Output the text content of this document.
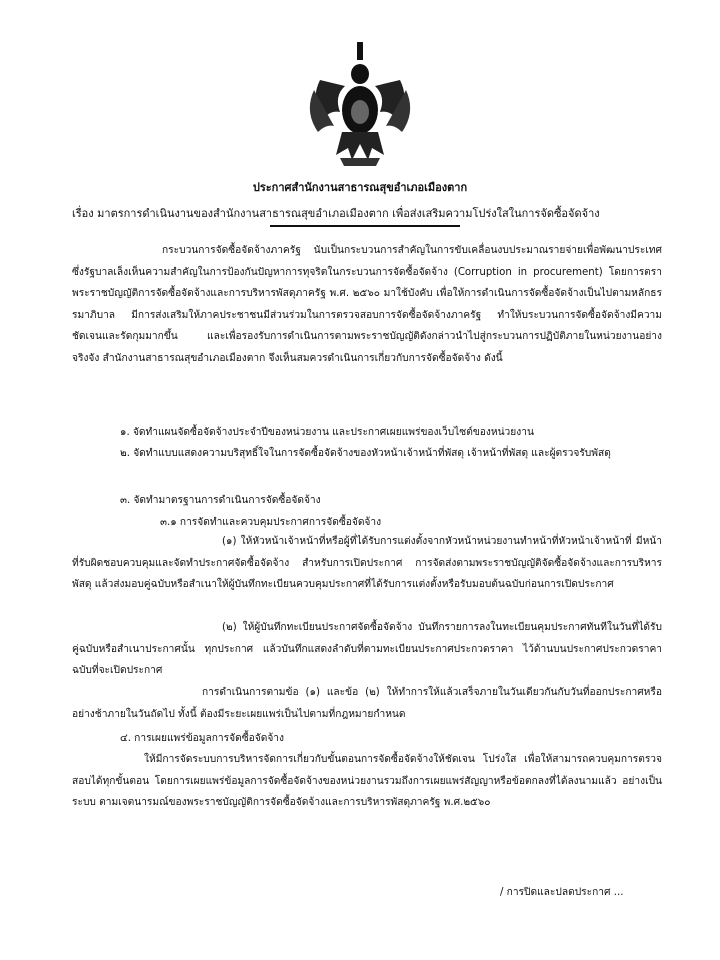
ประกาศสำนักงานสาธารณสุขอำเภอเมืองตาก
เรื่อง มาตรการดำเนินงานของสำนักงานสาธารณสุขอำเภอเมืองตาก เพื่อส่งเสริมความโปร่งใสในการจัดซื้อจัดจ้าง
กระบวนการจัดซื้อจัดจ้างภาครัฐ นับเป็นกระบวนการสำคัญในการขับเคลื่อนงบประมาณรายจ่ายเพื่อพัฒนาประเทศ ซึ่งรัฐบาลเล็งเห็นความสำคัญในการป้องกันปัญหาการทุจริตในกระบวนการจัดซื้อจัดจ้าง (Corruption in procurement) โดยการตราพระราชบัญญัติการจัดซื้อจัดจ้างและการบริหารพัสดุภาครัฐ พ.ศ. ๒๕๖๐ มาใช้บังคับ เพื่อให้การดำเนินการจัดซื้อจัดจ้างเป็นไปตามหลักธรรมาภิบาล มีการส่งเสริมให้ภาคประชาชนมีส่วนร่วมในการตรวจสอบการจัดซื้อจัดจ้างภาครัฐ ทำให้บระบวนการจัดซื้อจัดจ้างมีความชัดเจนและรัดกุมมากขึ้น และเพื่อรองรับการดำเนินการตามพระราชบัญญัติดังกล่าวนำไปสู่กระบวนการปฏิบัติภายในหน่วยงานอย่างจริงจัง สำนักงานสาธารณสุขอำเภอเมืองตาก จึงเห็นสมควรดำเนินการเกี่ยวกับการจัดซื้อจัดจ้าง ดังนี้
๑. จัดทำแผนจัดซื้อจัดจ้างประจำปีของหน่วยงาน และประกาศเผยแพร่ของเว็บไซต์ของหน่วยงาน
๒. จัดทำแบบแสดงความบริสุทธิ์ใจในการจัดซื้อจัดจ้างของหัวหน้าเจ้าหน้าที่พัสดุ เจ้าหน้าที่พัสดุ และผู้ตรวจรับพัสดุ
๓. จัดทำมาตรฐานการดำเนินการจัดซื้อจัดจ้าง
๓.๑ การจัดทำและควบคุมประกาศการจัดซื้อจัดจ้าง
(๑) ให้หัวหน้าเจ้าหน้าที่หรือผู้ที่ได้รับการแต่งตั้งจากหัวหน้าหน่วยงานทำหน้าที่หัวหน้าเจ้าหน้าที่ มีหน้าที่รับผิดชอบควบคุมและจัดทำประกาศจัดซื้อจัดจ้าง สำหรับการเปิดประกาศ การจัดส่งตามพระราชบัญญัติจัดซื้อจัดจ้างและการบริหารพัสดุ แล้วส่งมอบคู่ฉบับหรือสำเนาให้ผู้บันทึกทะเบียนควบคุมประกาศที่ได้รับการแต่งตั้งหรือรับมอบต้นฉบับก่อนการเปิดประกาศ
(๒) ให้ผู้บันทึกทะเบียนประกาศจัดซื้อจัดจ้าง บันทึกรายการลงในทะเบียนคุมประกาศทันทีในวันที่ได้รับคู่ฉบับหรือสำเนาประกาศนั้น ทุกประกาศ แล้วบันทึกแสดงลำดับที่ตามทะเบียนประกาศประกวดราคา ไว้ด้านบนประกาศประกวดราคาฉบับที่จะเปิดประกาศ
การดำเนินการตามข้อ (๑) และข้อ (๒) ให้ทำการให้แล้วเสร็จภายในวันเดียวกันกับวันที่ออกประกาศหรืออย่างช้าภายในวันถัดไป ทั้งนี้ ต้องมีระยะเผยแพร่เป็นไปตามที่กฎหมายกำหนด
๔. การเผยแพร่ข้อมูลการจัดซื้อจัดจ้าง
ให้มีการจัดระบบการบริหารจัดการเกี่ยวกับขั้นตอนการจัดซื้อจัดจ้างให้ชัดเจน โปร่งใส เพื่อให้สามารถควบคุมการตรวจสอบได้ทุกขั้นตอน โดยการเผยแพร่ข้อมูลการจัดซื้อจัดจ้างของหน่วยงานรวมถึงการเผยแพร่สัญญาหรือข้อตกลงที่ได้ลงนามแล้ว อย่างเป็นระบบ ตามเจตนารมณ์ของพระราชบัญญัติการจัดซื้อจัดจ้างและการบริหารพัสดุภาครัฐ พ.ศ.๒๕๖๐
/ การปิดและปลดประกาศ ...
